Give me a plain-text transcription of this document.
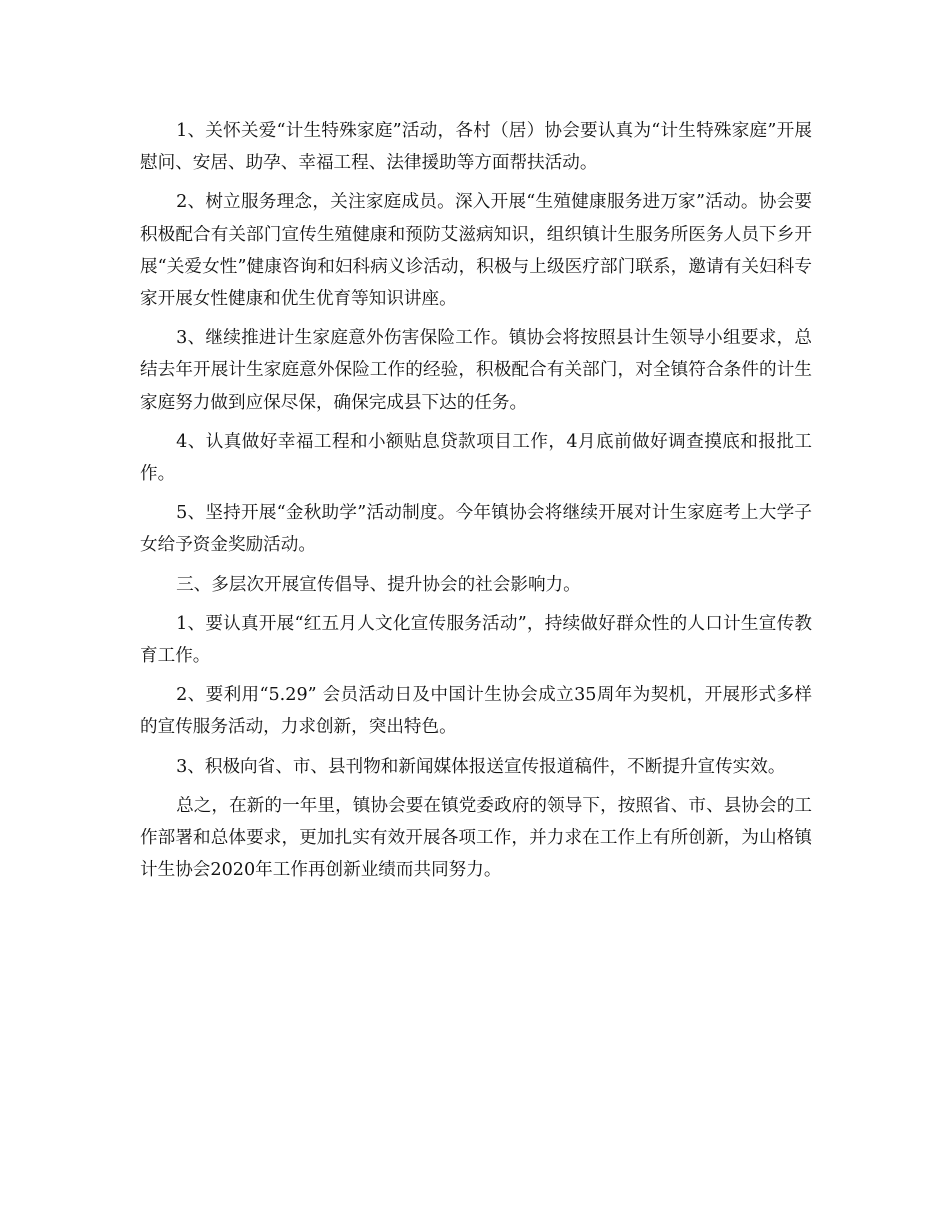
1、关怀关爱“计生特殊家庭”活动，各村（居）协会要认真为“计生特殊家庭”开展慰问、安居、助孕、幸福工程、法律援助等方面帮扶活动。

2、树立服务理念，关注家庭成员。深入开展“生殖健康服务进万家”活动。协会要积极配合有关部门宣传生殖健康和预防艾滋病知识，组织镇计生服务所医务人员下乡开展“关爱女性”健康咨询和妇科病义诊活动，积极与上级医疗部门联系，邀请有关妇科专家开展女性健康和优生优育等知识讲座。

3、继续推进计生家庭意外伤害保险工作。镇协会将按照县计生领导小组要求，总结去年开展计生家庭意外保险工作的经验，积极配合有关部门，对全镇符合条件的计生家庭努力做到应保尽保，确保完成县下达的任务。

4、认真做好幸福工程和小额贴息贷款项目工作，4月底前做好调查摸底和报批工作。

5、坚持开展“金秋助学”活动制度。今年镇协会将继续开展对计生家庭考上大学子女给予资金奖励活动。

三、多层次开展宣传倡导、提升协会的社会影响力。

1、要认真开展“红五月人文化宣传服务活动”，持续做好群众性的人口计生宣传教育工作。

2、要利用“5.29” 会员活动日及中国计生协会成立35周年为契机，开展形式多样的宣传服务活动，力求创新，突出特色。

3、积极向省、市、县刊物和新闻媒体报送宣传报道稿件，不断提升宣传实效。

总之，在新的一年里，镇协会要在镇党委政府的领导下，按照省、市、县协会的工作部署和总体要求，更加扎实有效开展各项工作，并力求在工作上有所创新，为山格镇计生协会2020年工作再创新业绩而共同努力。
